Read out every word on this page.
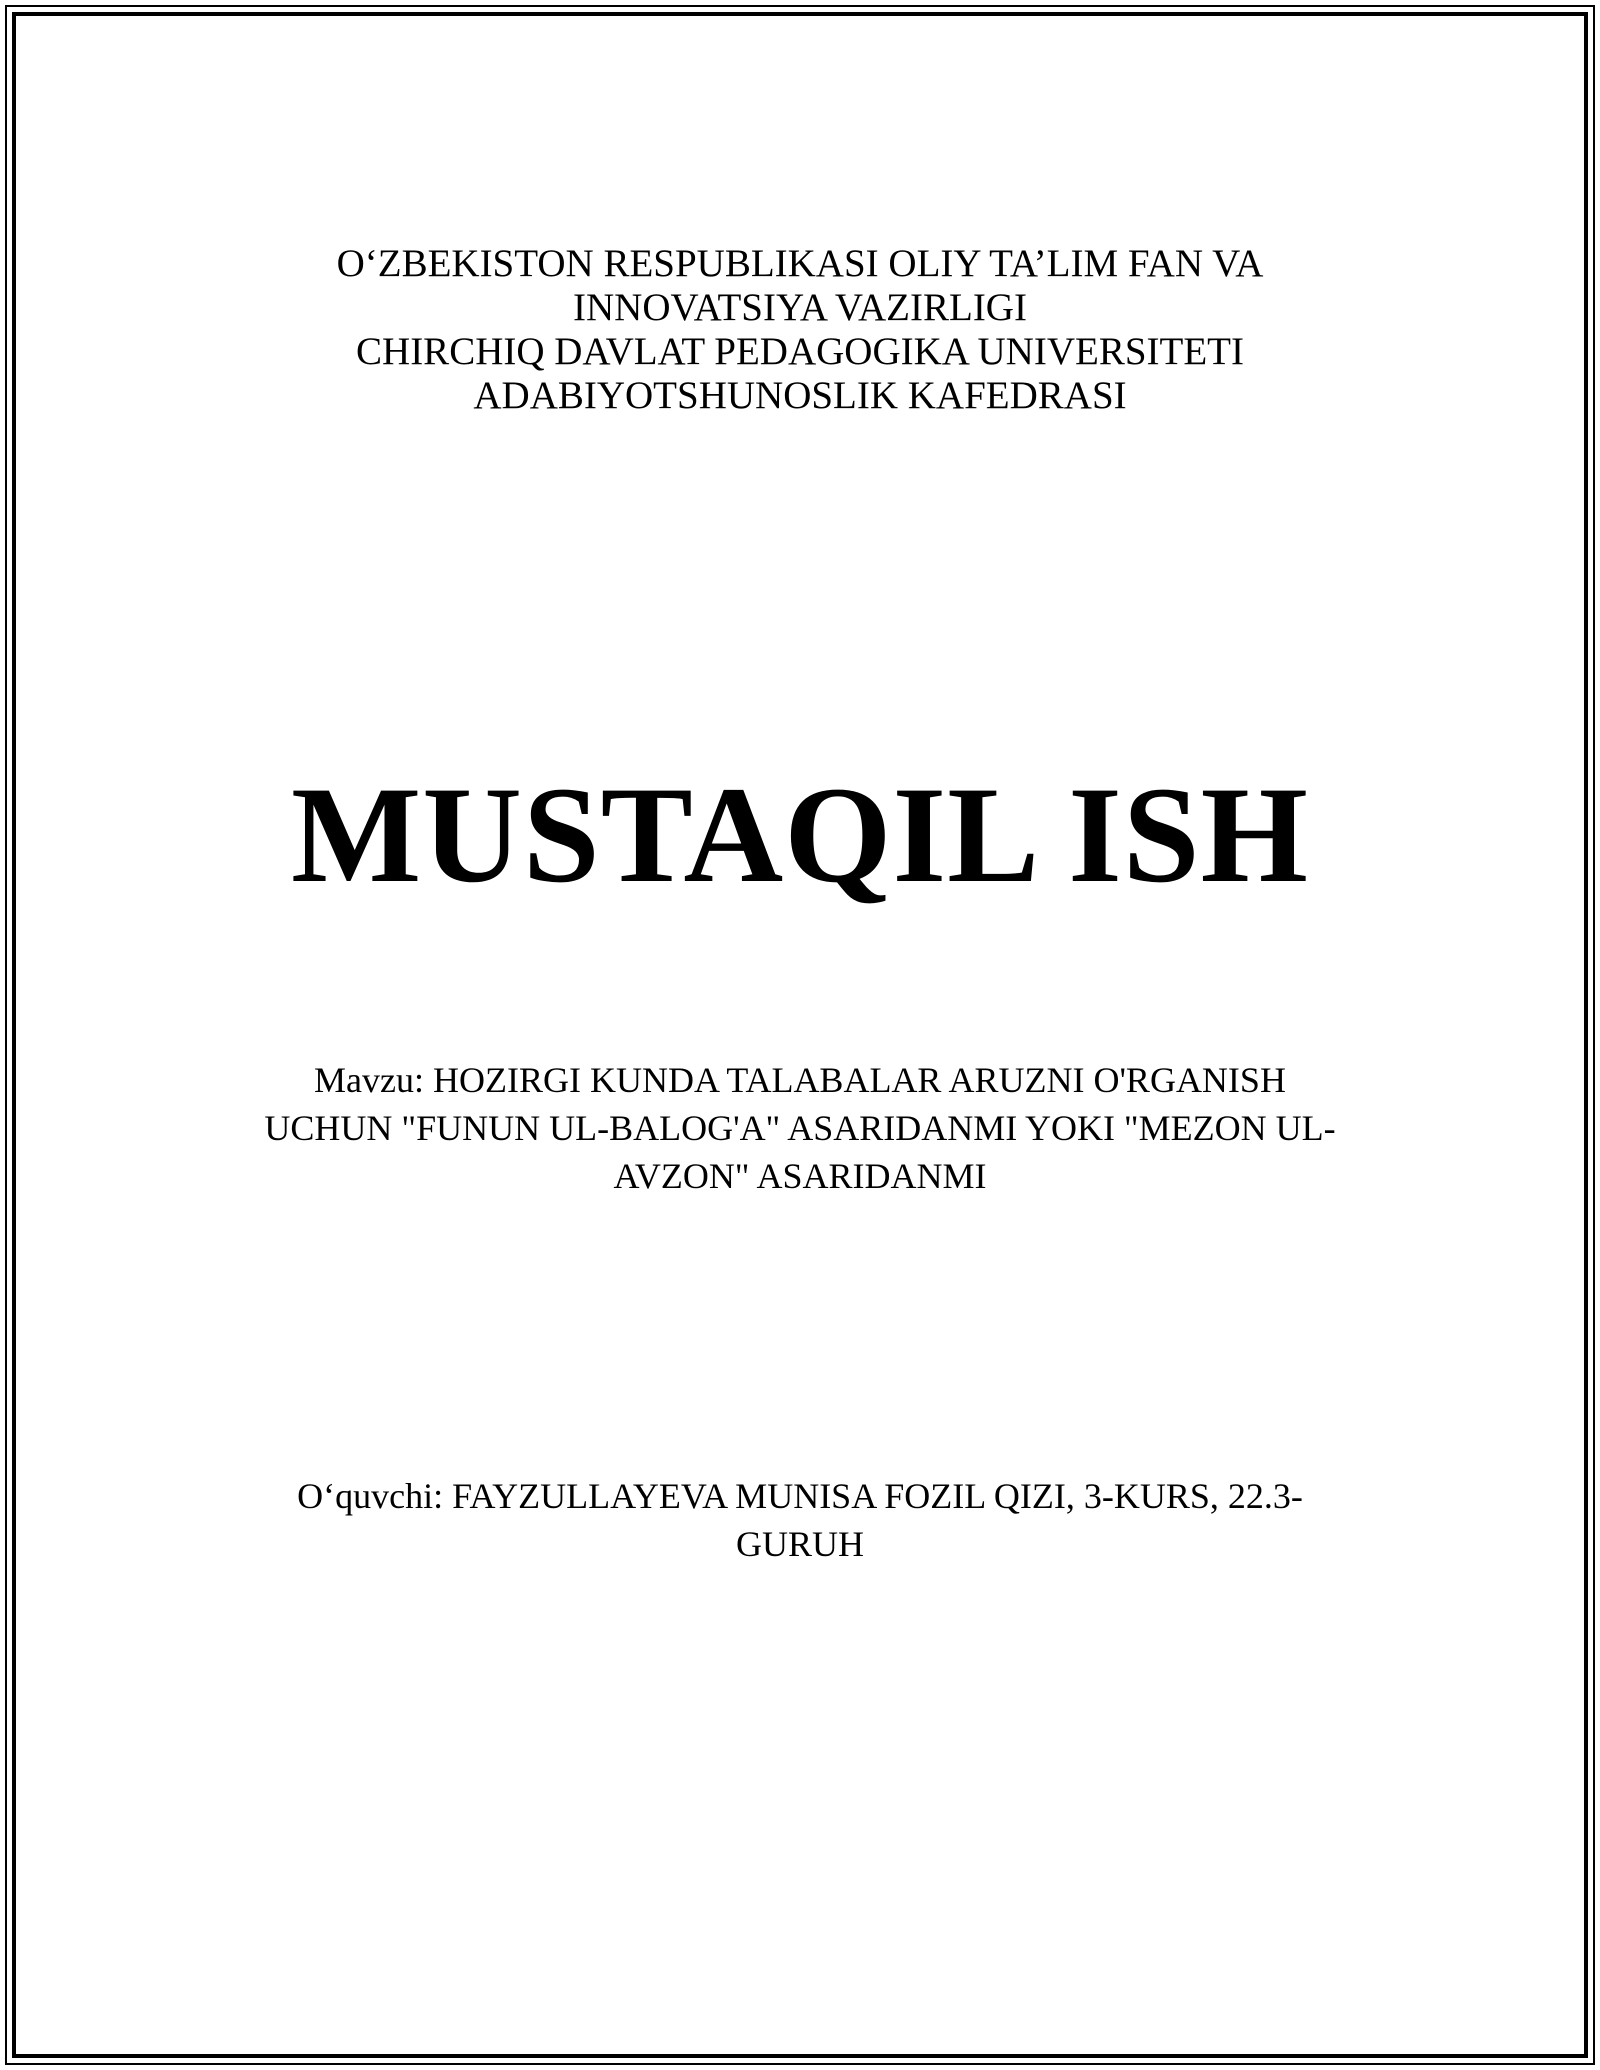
O‘ZBEKISTON RESPUBLIKASI OLIY TA’LIM FAN VA
INNOVATSIYA VAZIRLIGI
CHIRCHIQ DAVLAT PEDAGOGIKA UNIVERSITETI
ADABIYOTSHUNOSLIK KAFEDRASI
MUSTAQIL ISH
Mavzu: HOZIRGI KUNDA TALABALAR ARUZNI O'RGANISH
UCHUN "FUNUN UL-BALOG'A" ASARIDANMI YOKI "MEZON UL-
AVZON" ASARIDANMI
O‘quvchi: FAYZULLAYEVA MUNISA FOZIL QIZI, 3-KURS, 22.3-
GURUH
